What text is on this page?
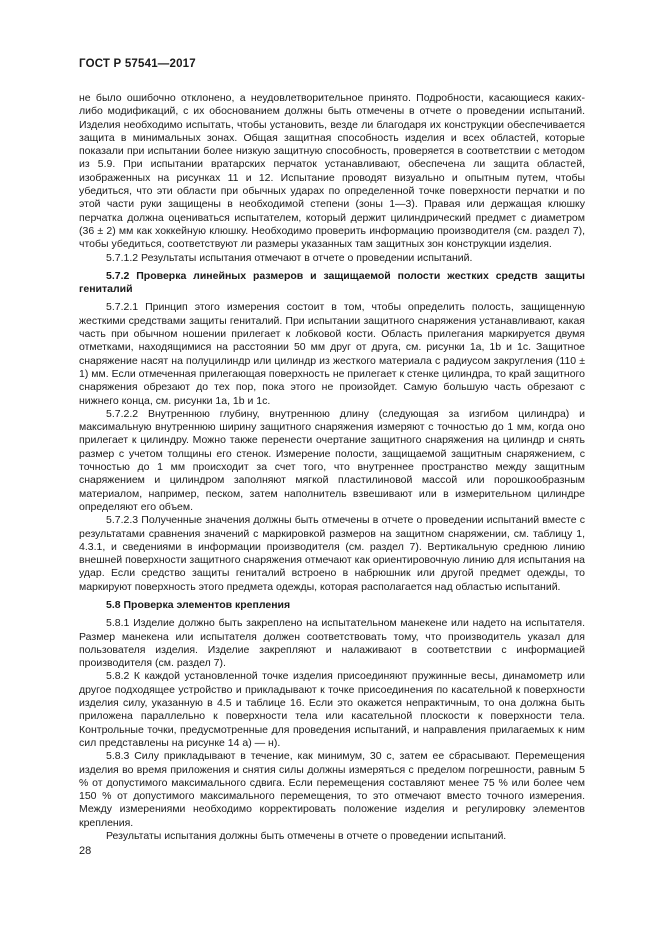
ГОСТ Р 57541—2017

не было ошибочно отклонено, а неудовлетворительное принято. Подробности, касающиеся каких-либо модификаций, с их обоснованием должны быть отмечены в отчете о проведении испытаний. Изделия необходимо испытать, чтобы установить, везде ли благодаря их конструкции обеспечивается защита в минимальных зонах. Общая защитная способность изделия и всех областей, которые показали при испытании более низкую защитную способность, проверяется в соответствии с методом из 5.9. При испытании вратарских перчаток устанавливают, обеспечена ли защита областей, изображенных на рисунках 11 и 12. Испытание проводят визуально и опытным путем, чтобы убедиться, что эти области при обычных ударах по определенной точке поверхности перчатки и по этой части руки защищены в необходимой степени (зоны 1—3). Правая или держащая клюшку перчатка должна оцениваться испытателем, который держит цилиндрический предмет с диаметром (36 ± 2) мм как хоккейную клюшку. Необходимо проверить информацию производителя (см. раздел 7), чтобы убедиться, соответствуют ли размеры указанных там защитных зон конструкции изделия.

5.7.1.2 Результаты испытания отмечают в отчете о проведении испытаний.

5.7.2 Проверка линейных размеров и защищаемой полости жестких средств защиты гениталий

5.7.2.1 Принцип этого измерения состоит в том, чтобы определить полость, защищенную жесткими средствами защиты гениталий. При испытании защитного снаряжения устанавливают, какая часть при обычном ношении прилегает к лобковой кости. Область прилегания маркируется двумя отметками, находящимися на расстоянии 50 мм друг от друга, см. рисунки 1a, 1b и 1c. Защитное снаряжение насят на полуцилиндр или цилиндр из жесткого материала с радиусом закругления (110 ± 1) мм. Если отмеченная прилегающая поверхность не прилегает к стенке цилиндра, то край защитного снаряжения обрезают до тех пор, пока этого не произойдет. Самую большую часть обрезают с нижнего конца, см. рисунки 1a, 1b и 1c.

5.7.2.2 Внутреннюю глубину, внутреннюю длину (следующая за изгибом цилиндра) и максимальную внутреннюю ширину защитного снаряжения измеряют с точностью до 1 мм, когда оно прилегает к цилиндру. Можно также перенести очертание защитного снаряжения на цилиндр и снять размер с учетом толщины его стенок. Измерение полости, защищаемой защитным снаряжением, с точностью до 1 мм происходит за счет того, что внутреннее пространство между защитным снаряжением и цилиндром заполняют мягкой пластилиновой массой или порошкообразным материалом, например, песком, затем наполнитель взвешивают или в измерительном цилиндре определяют его объем.

5.7.2.3 Полученные значения должны быть отмечены в отчете о проведении испытаний вместе с результатами сравнения значений с маркировкой размеров на защитном снаряжении, см. таблицу 1, 4.3.1, и сведениями в информации производителя (см. раздел 7). Вертикальную среднюю линию внешней поверхности защитного снаряжения отмечают как ориентировочную линию для испытания на удар. Если средство защиты гениталий встроено в набрюшник или другой предмет одежды, то маркируют поверхность этого предмета одежды, которая располагается над областью испытаний.

5.8 Проверка элементов крепления

5.8.1 Изделие должно быть закреплено на испытательном манекене или надето на испытателя. Размер манекена или испытателя должен соответствовать тому, что производитель указал для пользователя изделия. Изделие закрепляют и налаживают в соответствии с информацией производителя (см. раздел 7).

5.8.2 К каждой установленной точке изделия присоединяют пружинные весы, динамометр или другое подходящее устройство и прикладывают к точке присоединения по касательной к поверхности изделия силу, указанную в 4.5 и таблице 16. Если это окажется непрактичным, то она должна быть приложена параллельно к поверхности тела или касательной плоскости к поверхности тела. Контрольные точки, предусмотренные для проведения испытаний, и направления прилагаемых к ним сил представлены на рисунке 14 а) — н).

5.8.3 Силу прикладывают в течение, как минимум, 30 с, затем ее сбрасывают. Перемещения изделия во время приложения и снятия силы должны измеряться с пределом погрешности, равным 5 % от допустимого максимального сдвига. Если перемещения составляют менее 75 % или более чем 150 % от допустимого максимального перемещения, то это отмечают вместо точного измерения. Между измерениями необходимо корректировать положение изделия и регулировку элементов крепления.

Результаты испытания должны быть отмечены в отчете о проведении испытаний.

28
